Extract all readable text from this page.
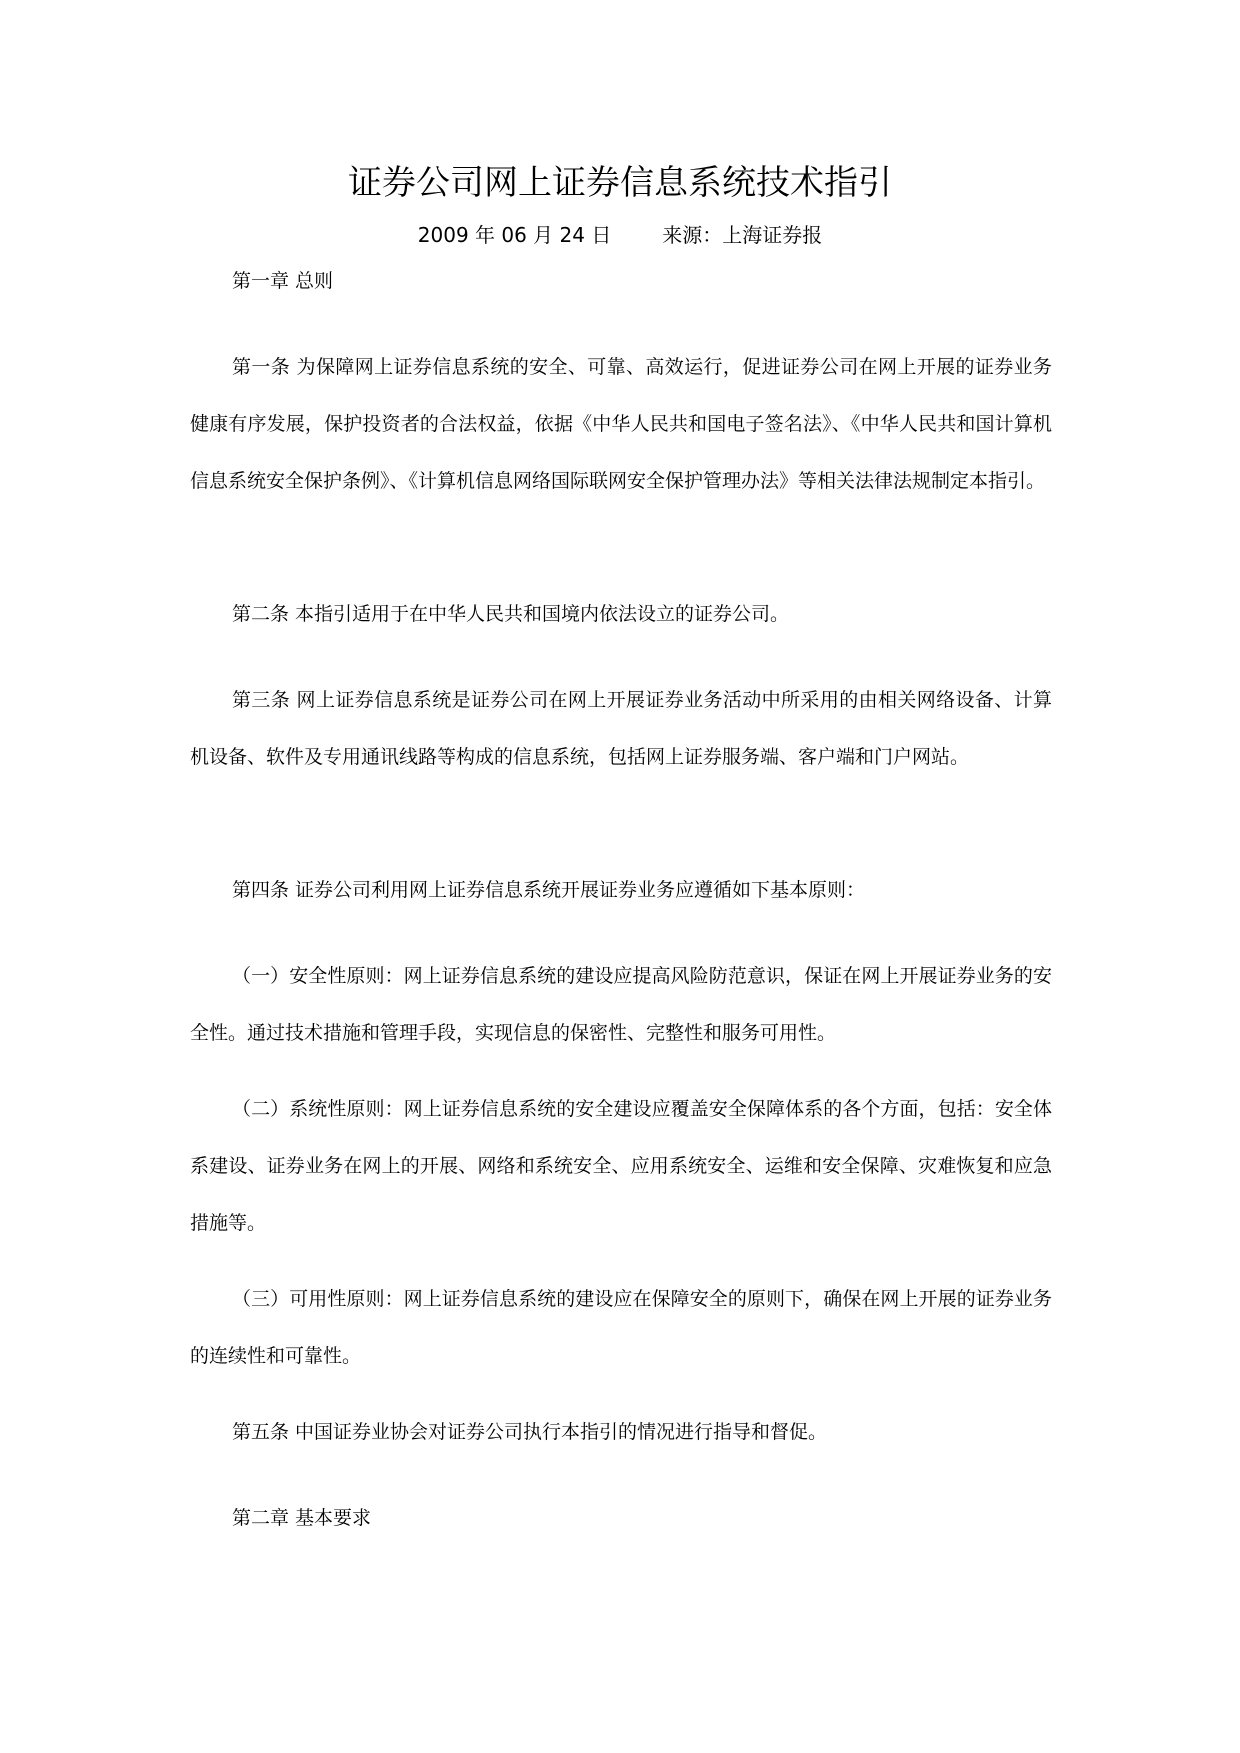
证券公司网上证券信息系统技术指引
2009 年 06 月 24 日        来源：上海证券报

第一章 总则

第一条 为保障网上证券信息系统的安全、可靠、高效运行，促进证券公司在网上开展的证券业务健康有序发展，保护投资者的合法权益，依据《中华人民共和国电子签名法》、《中华人民共和国计算机信息系统安全保护条例》、《计算机信息网络国际联网安全保护管理办法》等相关法律法规制定本指引。

第二条 本指引适用于在中华人民共和国境内依法设立的证券公司。

第三条 网上证券信息系统是证券公司在网上开展证券业务活动中所采用的由相关网络设备、计算机设备、软件及专用通讯线路等构成的信息系统，包括网上证券服务端、客户端和门户网站。

第四条 证券公司利用网上证券信息系统开展证券业务应遵循如下基本原则：

（一）安全性原则：网上证券信息系统的建设应提高风险防范意识，保证在网上开展证券业务的安全性。通过技术措施和管理手段，实现信息的保密性、完整性和服务可用性。

（二）系统性原则：网上证券信息系统的安全建设应覆盖安全保障体系的各个方面，包括：安全体系建设、证券业务在网上的开展、网络和系统安全、应用系统安全、运维和安全保障、灾难恢复和应急措施等。

（三）可用性原则：网上证券信息系统的建设应在保障安全的原则下，确保在网上开展的证券业务的连续性和可靠性。

第五条 中国证券业协会对证券公司执行本指引的情况进行指导和督促。

第二章 基本要求
